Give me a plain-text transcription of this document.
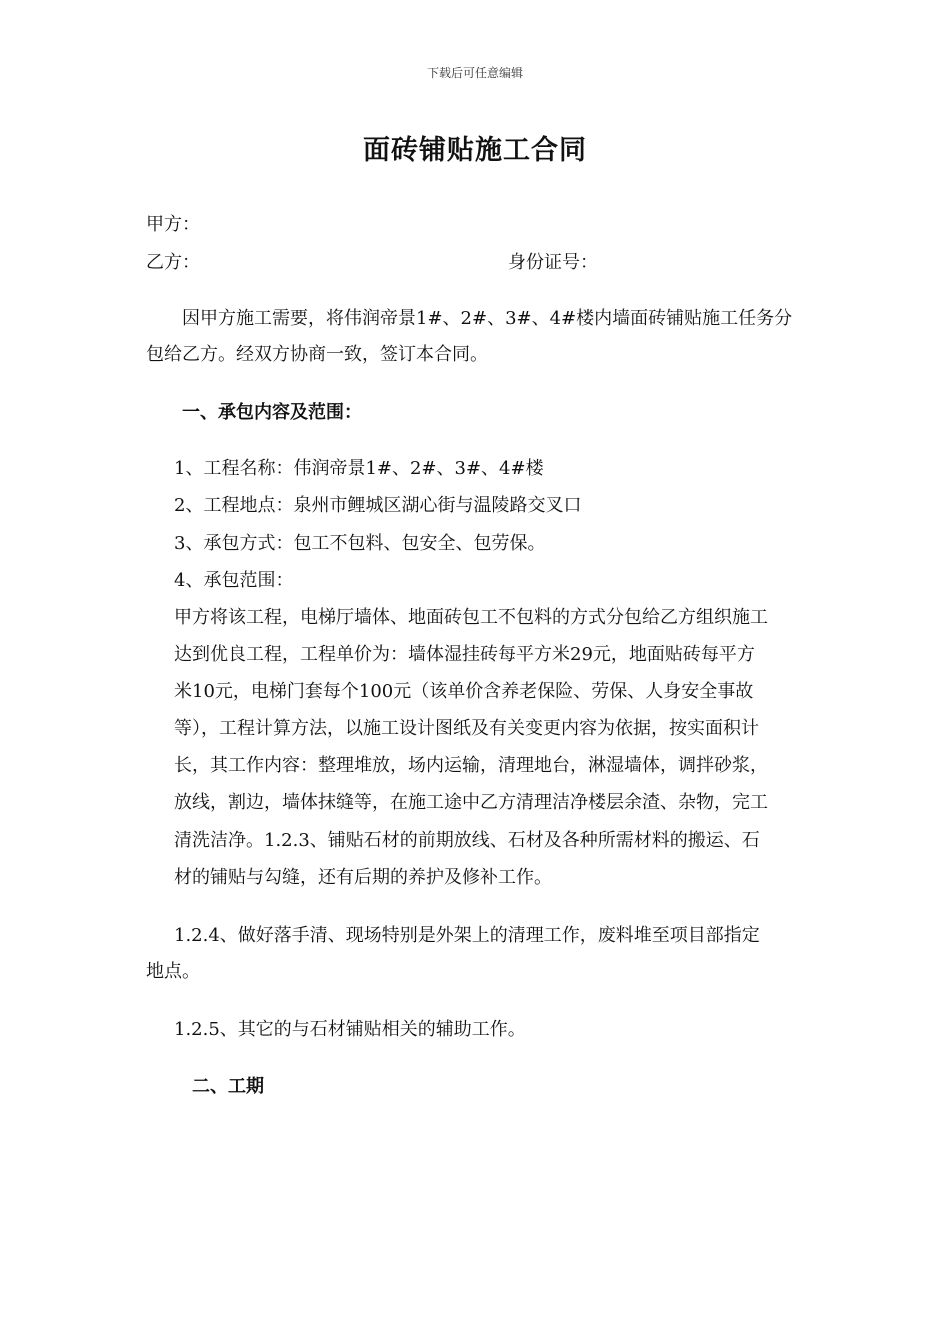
下载后可任意编辑
面砖铺贴施工合同
甲方：
乙方：	身份证号：
因甲方施工需要，将伟润帝景1#、2#、3#、4#楼内墙面砖铺贴施工任务分
包给乙方。经双方协商一致，签订本合同。
一、承包内容及范围：
1、工程名称：伟润帝景1#、2#、3#、4#楼
2、工程地点：泉州市鲤城区湖心街与温陵路交叉口
3、承包方式：包工不包料、包安全、包劳保。
4、承包范围：
甲方将该工程，电梯厅墙体、地面砖包工不包料的方式分包给乙方组织施工
达到优良工程，工程单价为：墙体湿挂砖每平方米29元，地面贴砖每平方
米10元，电梯门套每个100元（该单价含养老保险、劳保、人身安全事故
等），工程计算方法，以施工设计图纸及有关变更内容为依据，按实面积计
长，其工作内容：整理堆放，场内运输，清理地台，淋湿墙体，调拌砂浆，
放线，割边，墙体抹缝等，在施工途中乙方清理洁净楼层余渣、杂物，完工
清洗洁净。1.2.3、铺贴石材的前期放线、石材及各种所需材料的搬运、石
材的铺贴与勾缝，还有后期的养护及修补工作。
1.2.4、做好落手清、现场特别是外架上的清理工作，废料堆至项目部指定
地点。
1.2.5、其它的与石材铺贴相关的辅助工作。
二、工期
